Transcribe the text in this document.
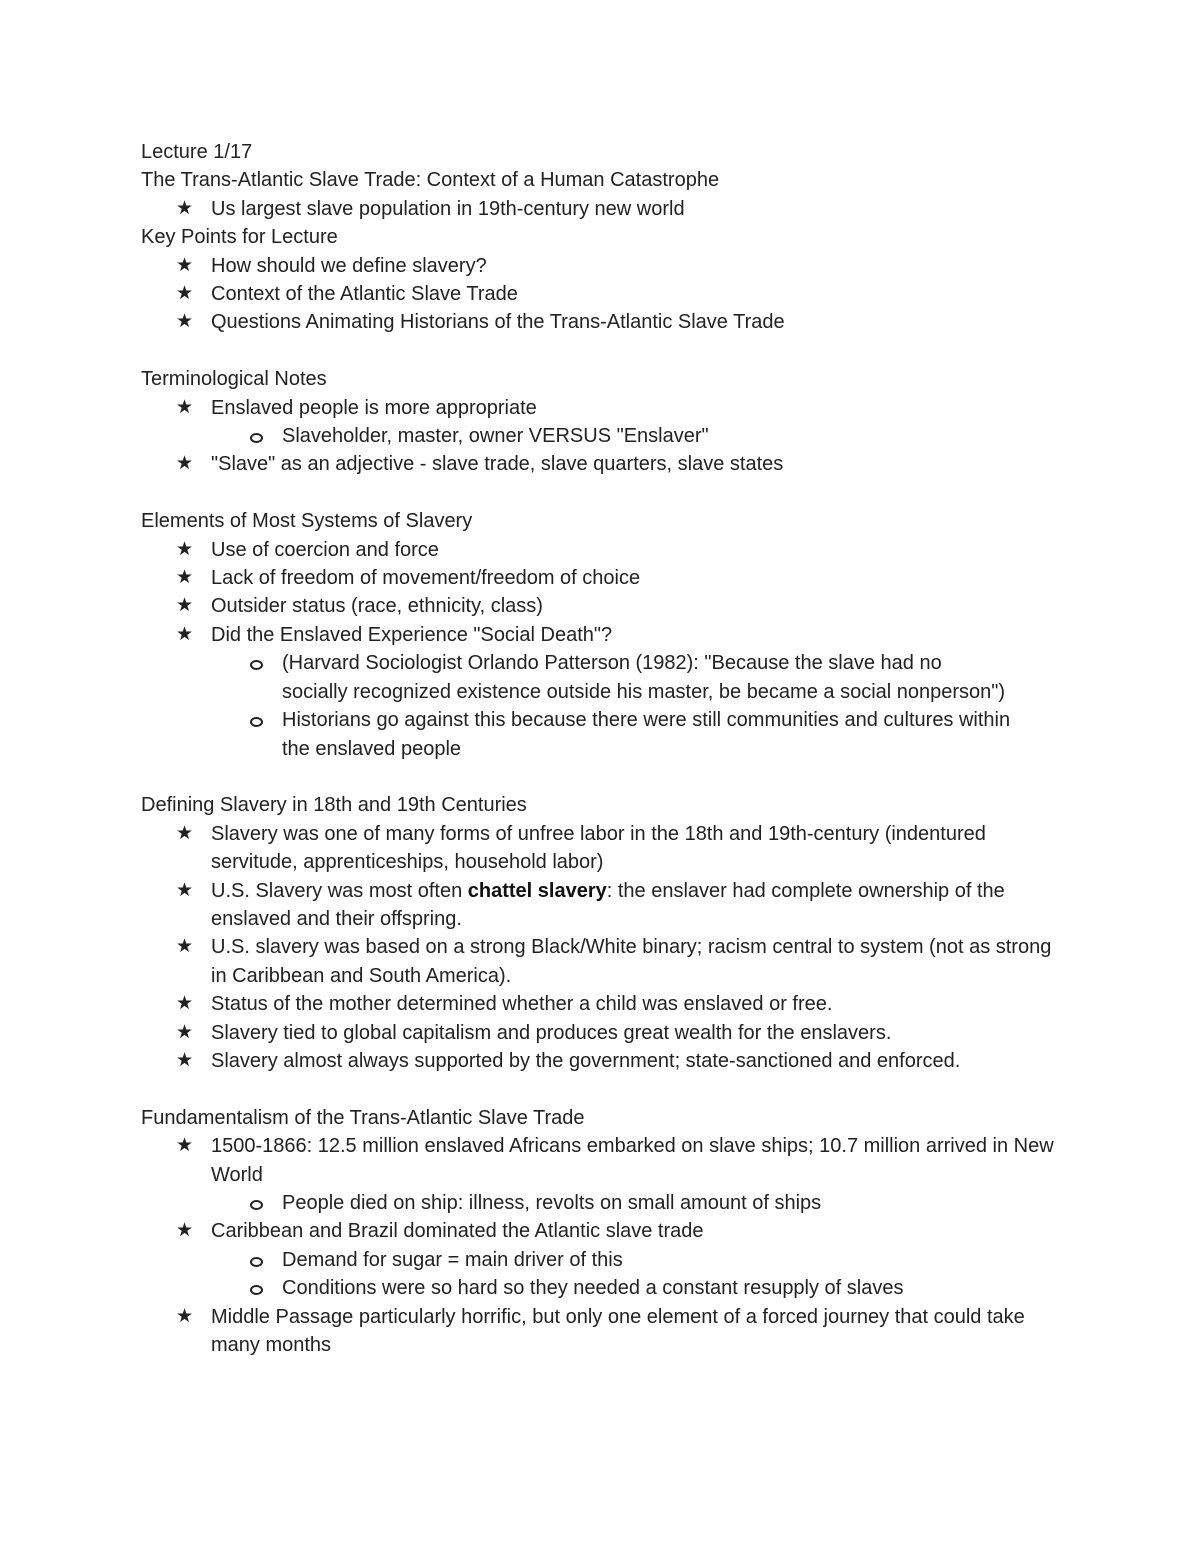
Lecture 1/17

The Trans-Atlantic Slave Trade: Context of a Human Catastrophe

★ Us largest slave population in 19th-century new world

Key Points for Lecture

★ How should we define slavery?
★ Context of the Atlantic Slave Trade
★ Questions Animating Historians of the Trans-Atlantic Slave Trade

Terminological Notes

★ Enslaved people is more appropriate
Slaveholder, master, owner VERSUS "Enslaver"
★ "Slave" as an adjective - slave trade, slave quarters, slave states

Elements of Most Systems of Slavery

★ Use of coercion and force
★ Lack of freedom of movement/freedom of choice
★ Outsider status (race, ethnicity, class)
★ Did the Enslaved Experience "Social Death"?
(Harvard Sociologist Orlando Patterson (1982): "Because the slave had no socially recognized existence outside his master, be became a social nonperson")
Historians go against this because there were still communities and cultures within the enslaved people

Defining Slavery in 18th and 19th Centuries

★ Slavery was one of many forms of unfree labor in the 18th and 19th-century (indentured servitude, apprenticeships, household labor)
★ U.S. Slavery was most often chattel slavery: the enslaver had complete ownership of the enslaved and their offspring.
★ U.S. slavery was based on a strong Black/White binary; racism central to system (not as strong in Caribbean and South America).
★ Status of the mother determined whether a child was enslaved or free.
★ Slavery tied to global capitalism and produces great wealth for the enslavers.
★ Slavery almost always supported by the government; state-sanctioned and enforced.

Fundamentalism of the Trans-Atlantic Slave Trade

★ 1500-1866: 12.5 million enslaved Africans embarked on slave ships; 10.7 million arrived in New World
People died on ship: illness, revolts on small amount of ships
★ Caribbean and Brazil dominated the Atlantic slave trade
Demand for sugar = main driver of this
Conditions were so hard so they needed a constant resupply of slaves
★ Middle Passage particularly horrific, but only one element of a forced journey that could take many months
